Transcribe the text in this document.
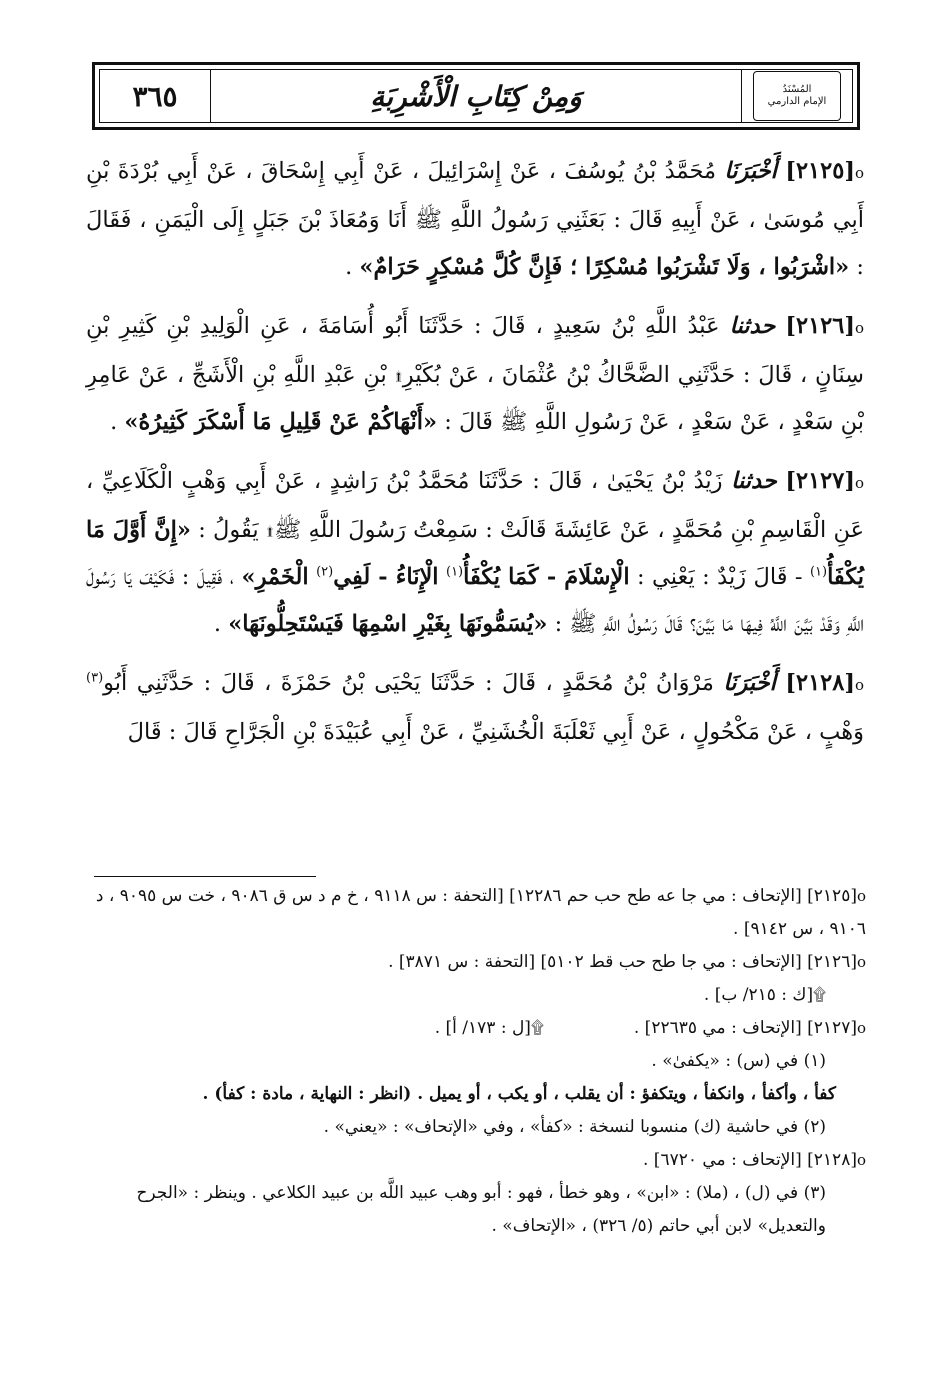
٣٦٥	وَمِنْ كِتَابِ الْأَشْرِبَةِ	المُسْنَدُ
الإمام الدارمي

o[٢١٢٥] أَخْبَرَنَا مُحَمَّدُ بْنُ يُوسُفَ ، عَنْ إِسْرَائِيلَ ، عَنْ أَبِي إِسْحَاقَ ، عَنْ أَبِي بُرْدَةَ بْنِ أَبِي مُوسَىٰ ، عَنْ أَبِيهِ قَالَ : بَعَثَنِي رَسُولُ اللَّهِ ﷺ أَنَا وَمُعَاذَ بْنَ جَبَلٍ إِلَى الْيَمَنِ ، فَقَالَ : «اشْرَبُوا ، وَلَا تَشْرَبُوا مُسْكِرًا ؛ فَإِنَّ كُلَّ مُسْكِرٍ حَرَامٌ» .

o[٢١٢٦] حدثنا عَبْدُ اللَّهِ بْنُ سَعِيدٍ ، قَالَ : حَدَّثَنَا أَبُو أُسَامَةَ ، عَنِ الْوَلِيدِ بْنِ كَثِيرِ بْنِ سِنَانٍ ، قَالَ : حَدَّثَنِي الضَّحَّاكُ بْنُ عُثْمَانَ ، عَنْ بُكَيْرِ۩ بْنِ عَبْدِ اللَّهِ بْنِ الْأَشَجِّ ، عَنْ عَامِرِ بْنِ سَعْدٍ ، عَنْ سَعْدٍ ، عَنْ رَسُولِ اللَّهِ ﷺ قَالَ : «أَنْهَاكُمْ عَنْ قَلِيلِ مَا أَسْكَرَ كَثِيرُهُ» .

o[٢١٢٧] حدثنا زَيْدُ بْنُ يَحْيَىٰ ، قَالَ : حَدَّثَنَا مُحَمَّدُ بْنُ رَاشِدٍ ، عَنْ أَبِي وَهْبٍ الْكَلَاعِيِّ ، عَنِ الْقَاسِمِ بْنِ مُحَمَّدٍ ، عَنْ عَائِشَةَ قَالَتْ : سَمِعْتُ رَسُولَ اللَّهِ ﷺ۩ يَقُولُ : «إِنَّ أَوَّلَ مَا يُكْفَأُ$^{(١)}$ - قَالَ زَيْدٌ : يَعْنِي : الْإِسْلَامَ - كَمَا يُكْفَأُ$^{(١)}$ الْإِنَاءُ - لَفِي$^{(٢)}$ الْخَمْرِ» ، فَقِيلَ : فَكَيْفَ يَا رَسُولَ اللَّهِ وَقَدْ بَيَّنَ اللَّهُ فِيهَا مَا بَيَّنَ؟ قَالَ رَسُولُ اللَّهِ ﷺ : «يُسَمُّونَهَا بِغَيْرِ اسْمِهَا فَيَسْتَحِلُّونَهَا» .

o[٢١٢٨] أَخْبَرَنَا مَرْوَانُ بْنُ مُحَمَّدٍ ، قَالَ : حَدَّثَنَا يَحْيَى بْنُ حَمْزَةَ ، قَالَ : حَدَّثَنِي أَبُو$^{(٣)}$ وَهْبٍ ، عَنْ مَكْحُولٍ ، عَنْ أَبِي ثَعْلَبَةَ الْخُشَنِيِّ ، عَنْ أَبِي عُبَيْدَةَ بْنِ الْجَرَّاحِ قَالَ : قَالَ

o[٢١٢٥] [الإتحاف : مي جا عه طح حب حم ١٢٢٨٦] [التحفة : س ٩١١٨ ، خ م د س ق ٩٠٨٦ ، خت س ٩٠٩٥ ، د ٩١٠٦ ، س ٩١٤٢] .

o[٢١٢٦] [الإتحاف : مي جا طح حب قط ٥١٠٢] [التحفة : س ٣٨٧١] .

۩[ك : ٢١٥/ ب] .

o[٢١٢٧] [الإتحاف : مي ٢٢٦٣٥] .

۩[ل : ١٧٣/ أ] .

(١) في (س) : «يكفىٰ» .

كفأ ، وأكفأ ، وانكفأ ، ويتكفؤ : أن يقلب ، أو يكب ، أو يميل . (انظر : النهاية ، مادة : كفأ) .

(٢) في حاشية (ك) منسوبا لنسخة : «كفأ» ، وفي «الإتحاف» : «يعني» .

o[٢١٢٨] [الإتحاف : مي ٦٧٢٠] .

(٣) في (ل) ، (ملا) : «ابن» ، وهو خطأ ، فهو : أبو وهب عبيد اللَّه بن عبيد الكلاعي . وينظر : «الجرح والتعديل» لابن أبي حاتم (٥/ ٣٢٦) ، «الإتحاف» .
